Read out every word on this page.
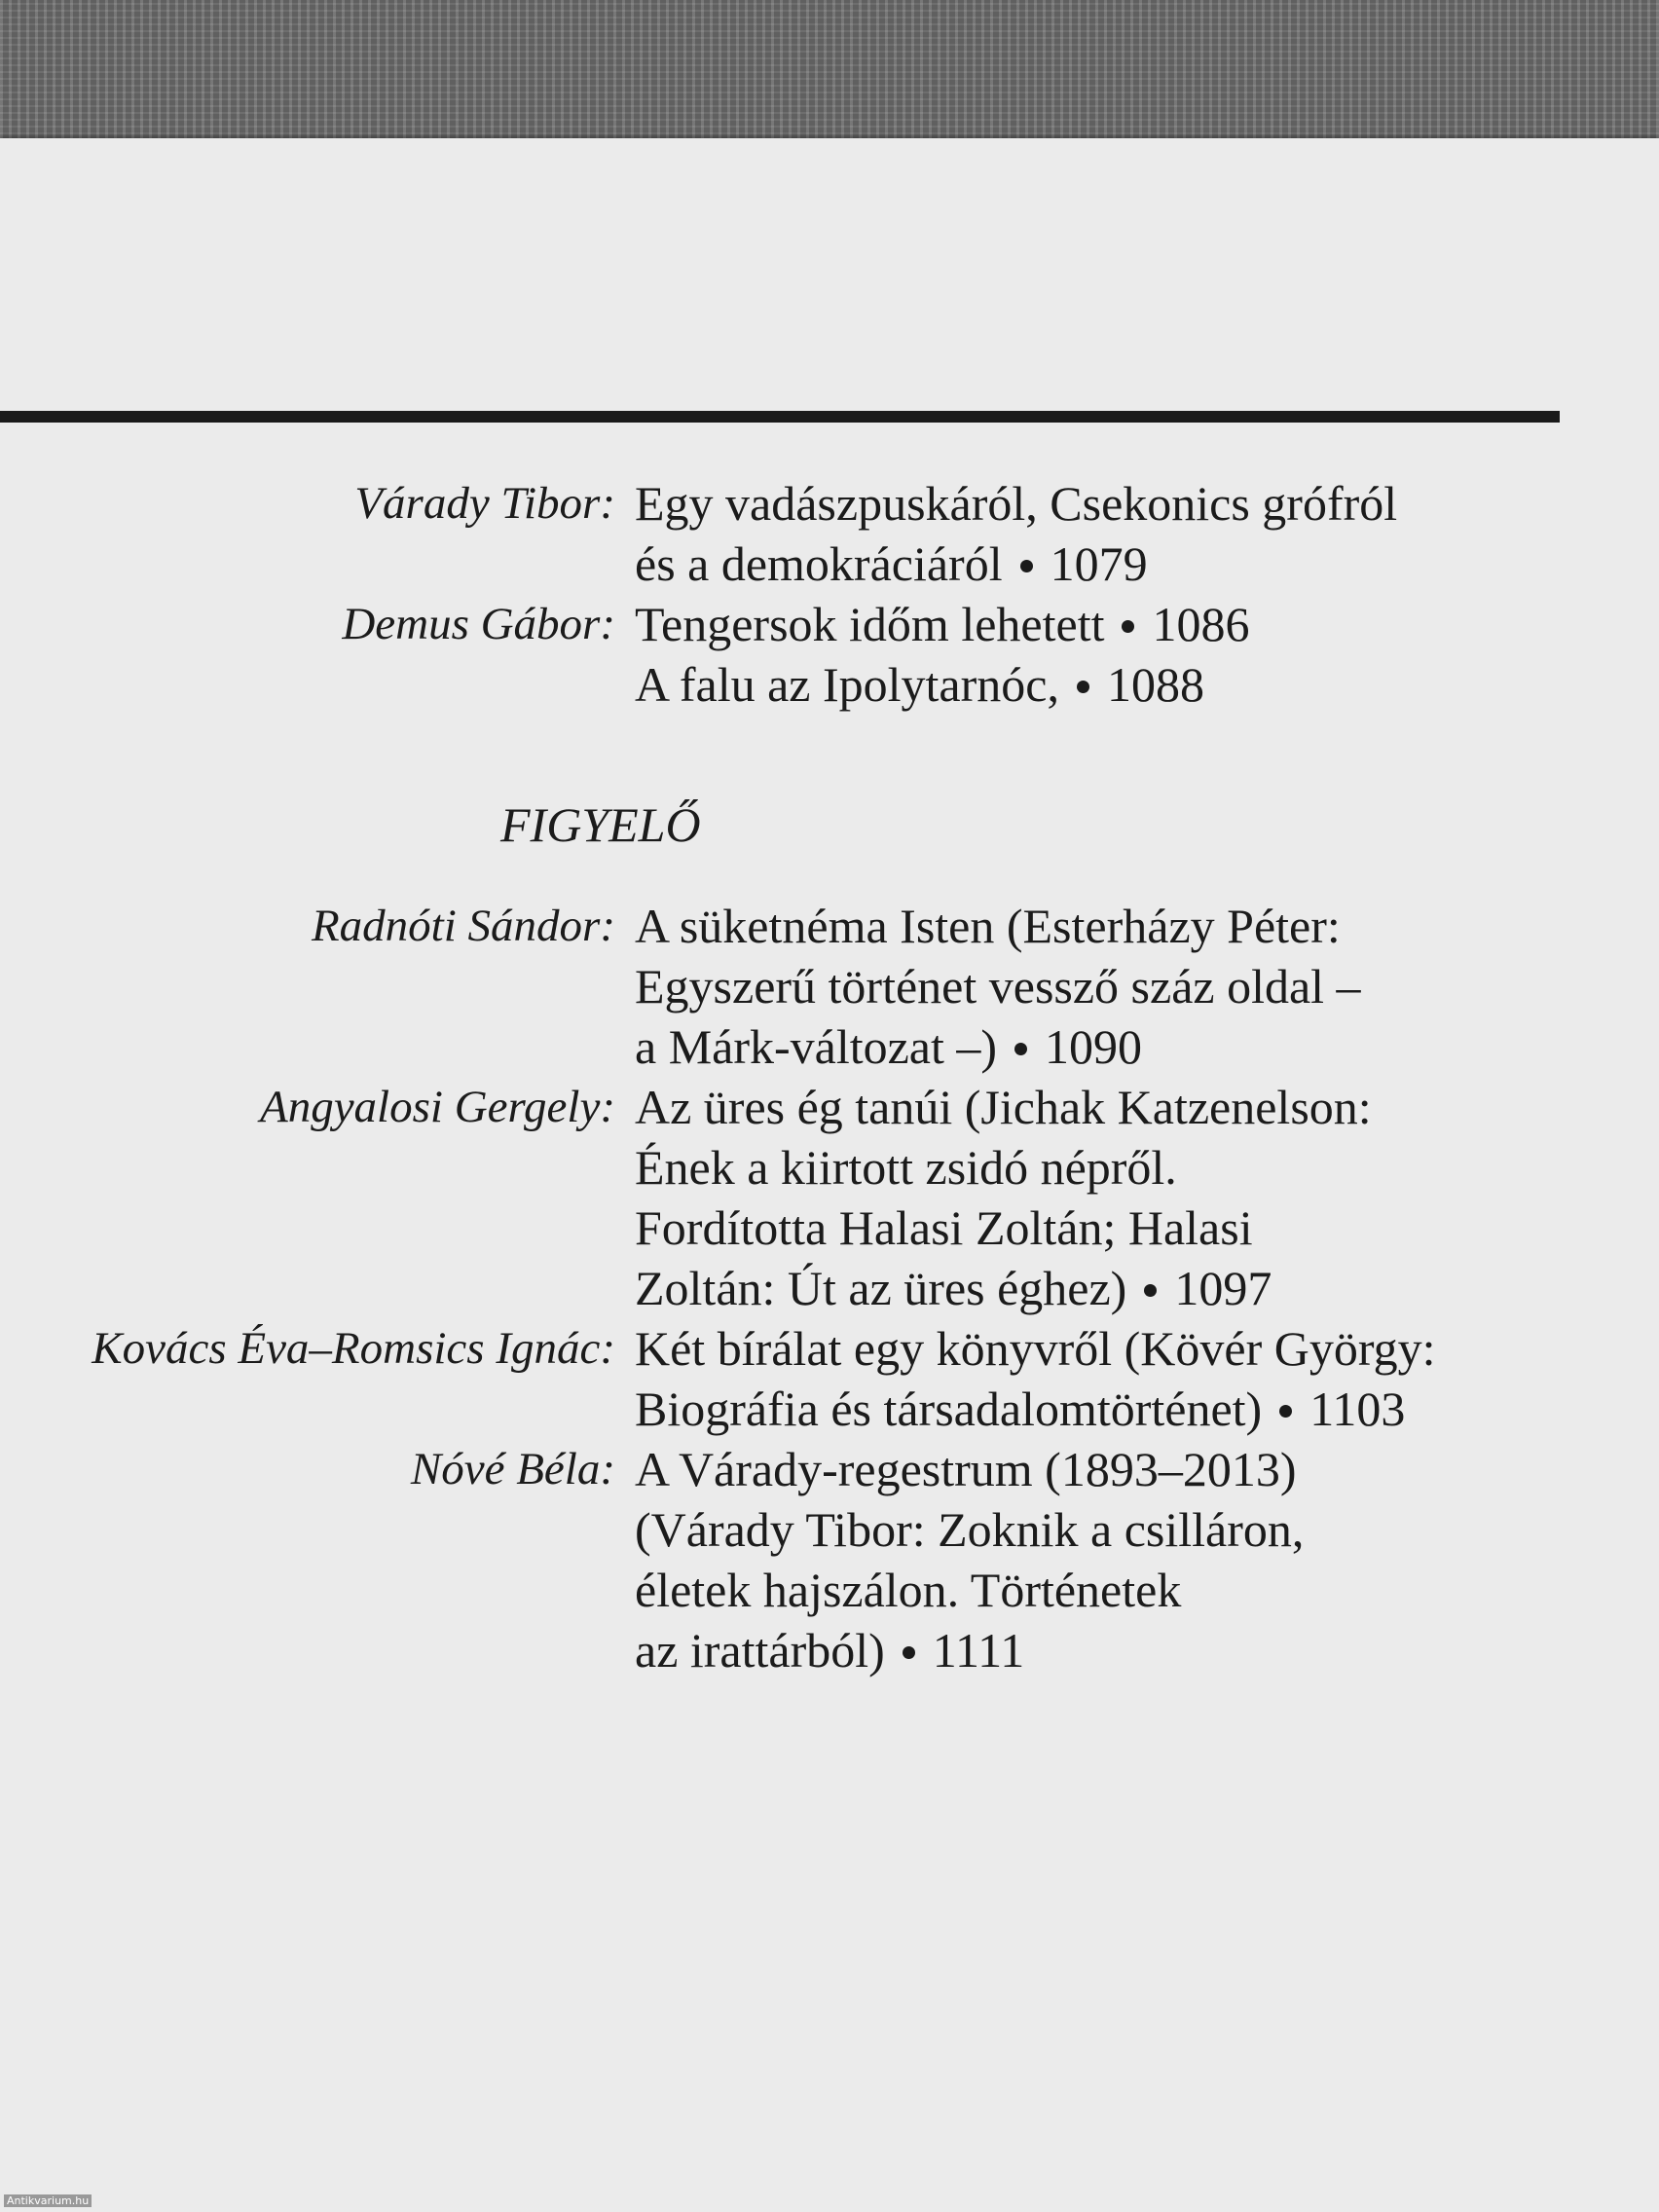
Várady Tibor: Egy vadászpuskáról, Csekonics grófról
és a demokráciáról 1079
Demus Gábor: Tengersok időm lehetett 1086
A falu az Ipolytarnóc, 1088
FIGYELŐ
Radnóti Sándor: A süketnéma Isten (Esterházy Péter:
Egyszerű történet vessző száz oldal –
a Márk-változat –) 1090
Angyalosi Gergely: Az üres ég tanúi (Jichak Katzenelson:
Ének a kiirtott zsidó népről.
Fordította Halasi Zoltán; Halasi
Zoltán: Út az üres éghez) 1097
Kovács Éva–Romsics Ignác: Két bírálat egy könyvről (Kövér György:
Biográfia és társadalomtörténet) 1103
Nóvé Béla: A Várady-regestrum (1893–2013)
(Várady Tibor: Zoknik a csilláron,
életek hajszálon. Történetek
az irattárból) 1111
Antikvarium.hu
